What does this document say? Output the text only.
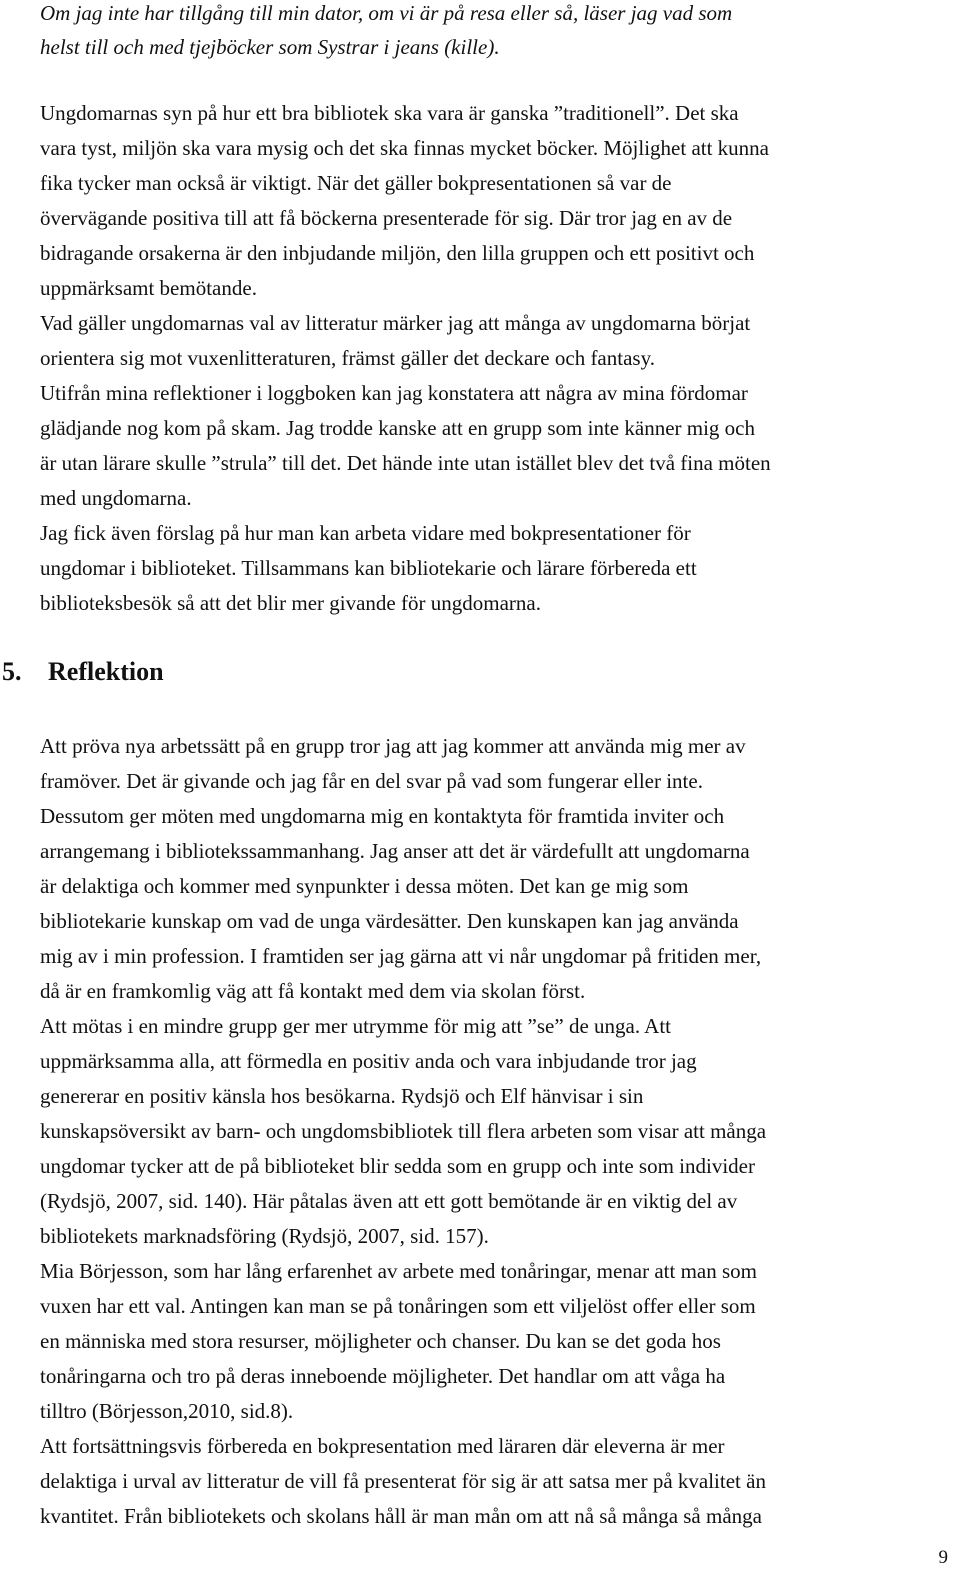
Om jag inte har tillgång till min dator, om vi är på resa eller så, läser jag vad som
helst till och med tjejböcker som Systrar i jeans (kille).
Ungdomarnas syn på hur ett bra bibliotek ska vara är ganska ”traditionell”. Det ska
vara tyst, miljön ska vara mysig och det ska finnas mycket böcker. Möjlighet att kunna
fika tycker man också är viktigt. När det gäller bokpresentationen så var de
övervägande positiva till att få böckerna presenterade för sig. Där tror jag en av de
bidragande orsakerna är den inbjudande miljön, den lilla gruppen och ett positivt och
uppmärksamt bemötande.
Vad gäller ungdomarnas val av litteratur märker jag att många av ungdomarna börjat
orientera sig mot vuxenlitteraturen, främst gäller det deckare och fantasy.
Utifrån mina reflektioner i loggboken kan jag konstatera att några av mina fördomar
glädjande nog kom på skam. Jag trodde kanske att en grupp som inte känner mig och
är utan lärare skulle ”strula” till det. Det hände inte utan istället blev det två fina möten
med ungdomarna.
Jag fick även förslag på hur man kan arbeta vidare med bokpresentationer för
ungdomar i biblioteket. Tillsammans kan bibliotekarie och lärare förbereda ett
biblioteksbesök så att det blir mer givande för ungdomarna.
5. Reflektion
Att pröva nya arbetssätt på en grupp tror jag att jag kommer att använda mig mer av
framöver. Det är givande och jag får en del svar på vad som fungerar eller inte.
Dessutom ger möten med ungdomarna mig en kontaktyta för framtida inviter och
arrangemang i bibliotekssammanhang. Jag anser att det är värdefullt att ungdomarna
är delaktiga och kommer med synpunkter i dessa möten. Det kan ge mig som
bibliotekarie kunskap om vad de unga värdesätter. Den kunskapen kan jag använda
mig av i min profession. I framtiden ser jag gärna att vi når ungdomar på fritiden mer,
då är en framkomlig väg att få kontakt med dem via skolan först.
Att mötas i en mindre grupp ger mer utrymme för mig att ”se” de unga. Att
uppmärksamma alla, att förmedla en positiv anda och vara inbjudande tror jag
genererar en positiv känsla hos besökarna. Rydsjö och Elf hänvisar i sin
kunskapsöversikt av barn- och ungdomsbibliotek till flera arbeten som visar att många
ungdomar tycker att de på biblioteket blir sedda som en grupp och inte som individer
(Rydsjö, 2007, sid. 140). Här påtalas även att ett gott bemötande är en viktig del av
bibliotekets marknadsföring (Rydsjö, 2007, sid. 157).
Mia Börjesson, som har lång erfarenhet av arbete med tonåringar, menar att man som
vuxen har ett val. Antingen kan man se på tonåringen som ett viljelöst offer eller som
en människa med stora resurser, möjligheter och chanser. Du kan se det goda hos
tonåringarna och tro på deras inneboende möjligheter. Det handlar om att våga ha
tilltro (Börjesson,2010, sid.8).
Att fortsättningsvis förbereda en bokpresentation med läraren där eleverna är mer
delaktiga i urval av litteratur de vill få presenterat för sig är att satsa mer på kvalitet än
kvantitet. Från bibliotekets och skolans håll är man mån om att nå så många så många
9
